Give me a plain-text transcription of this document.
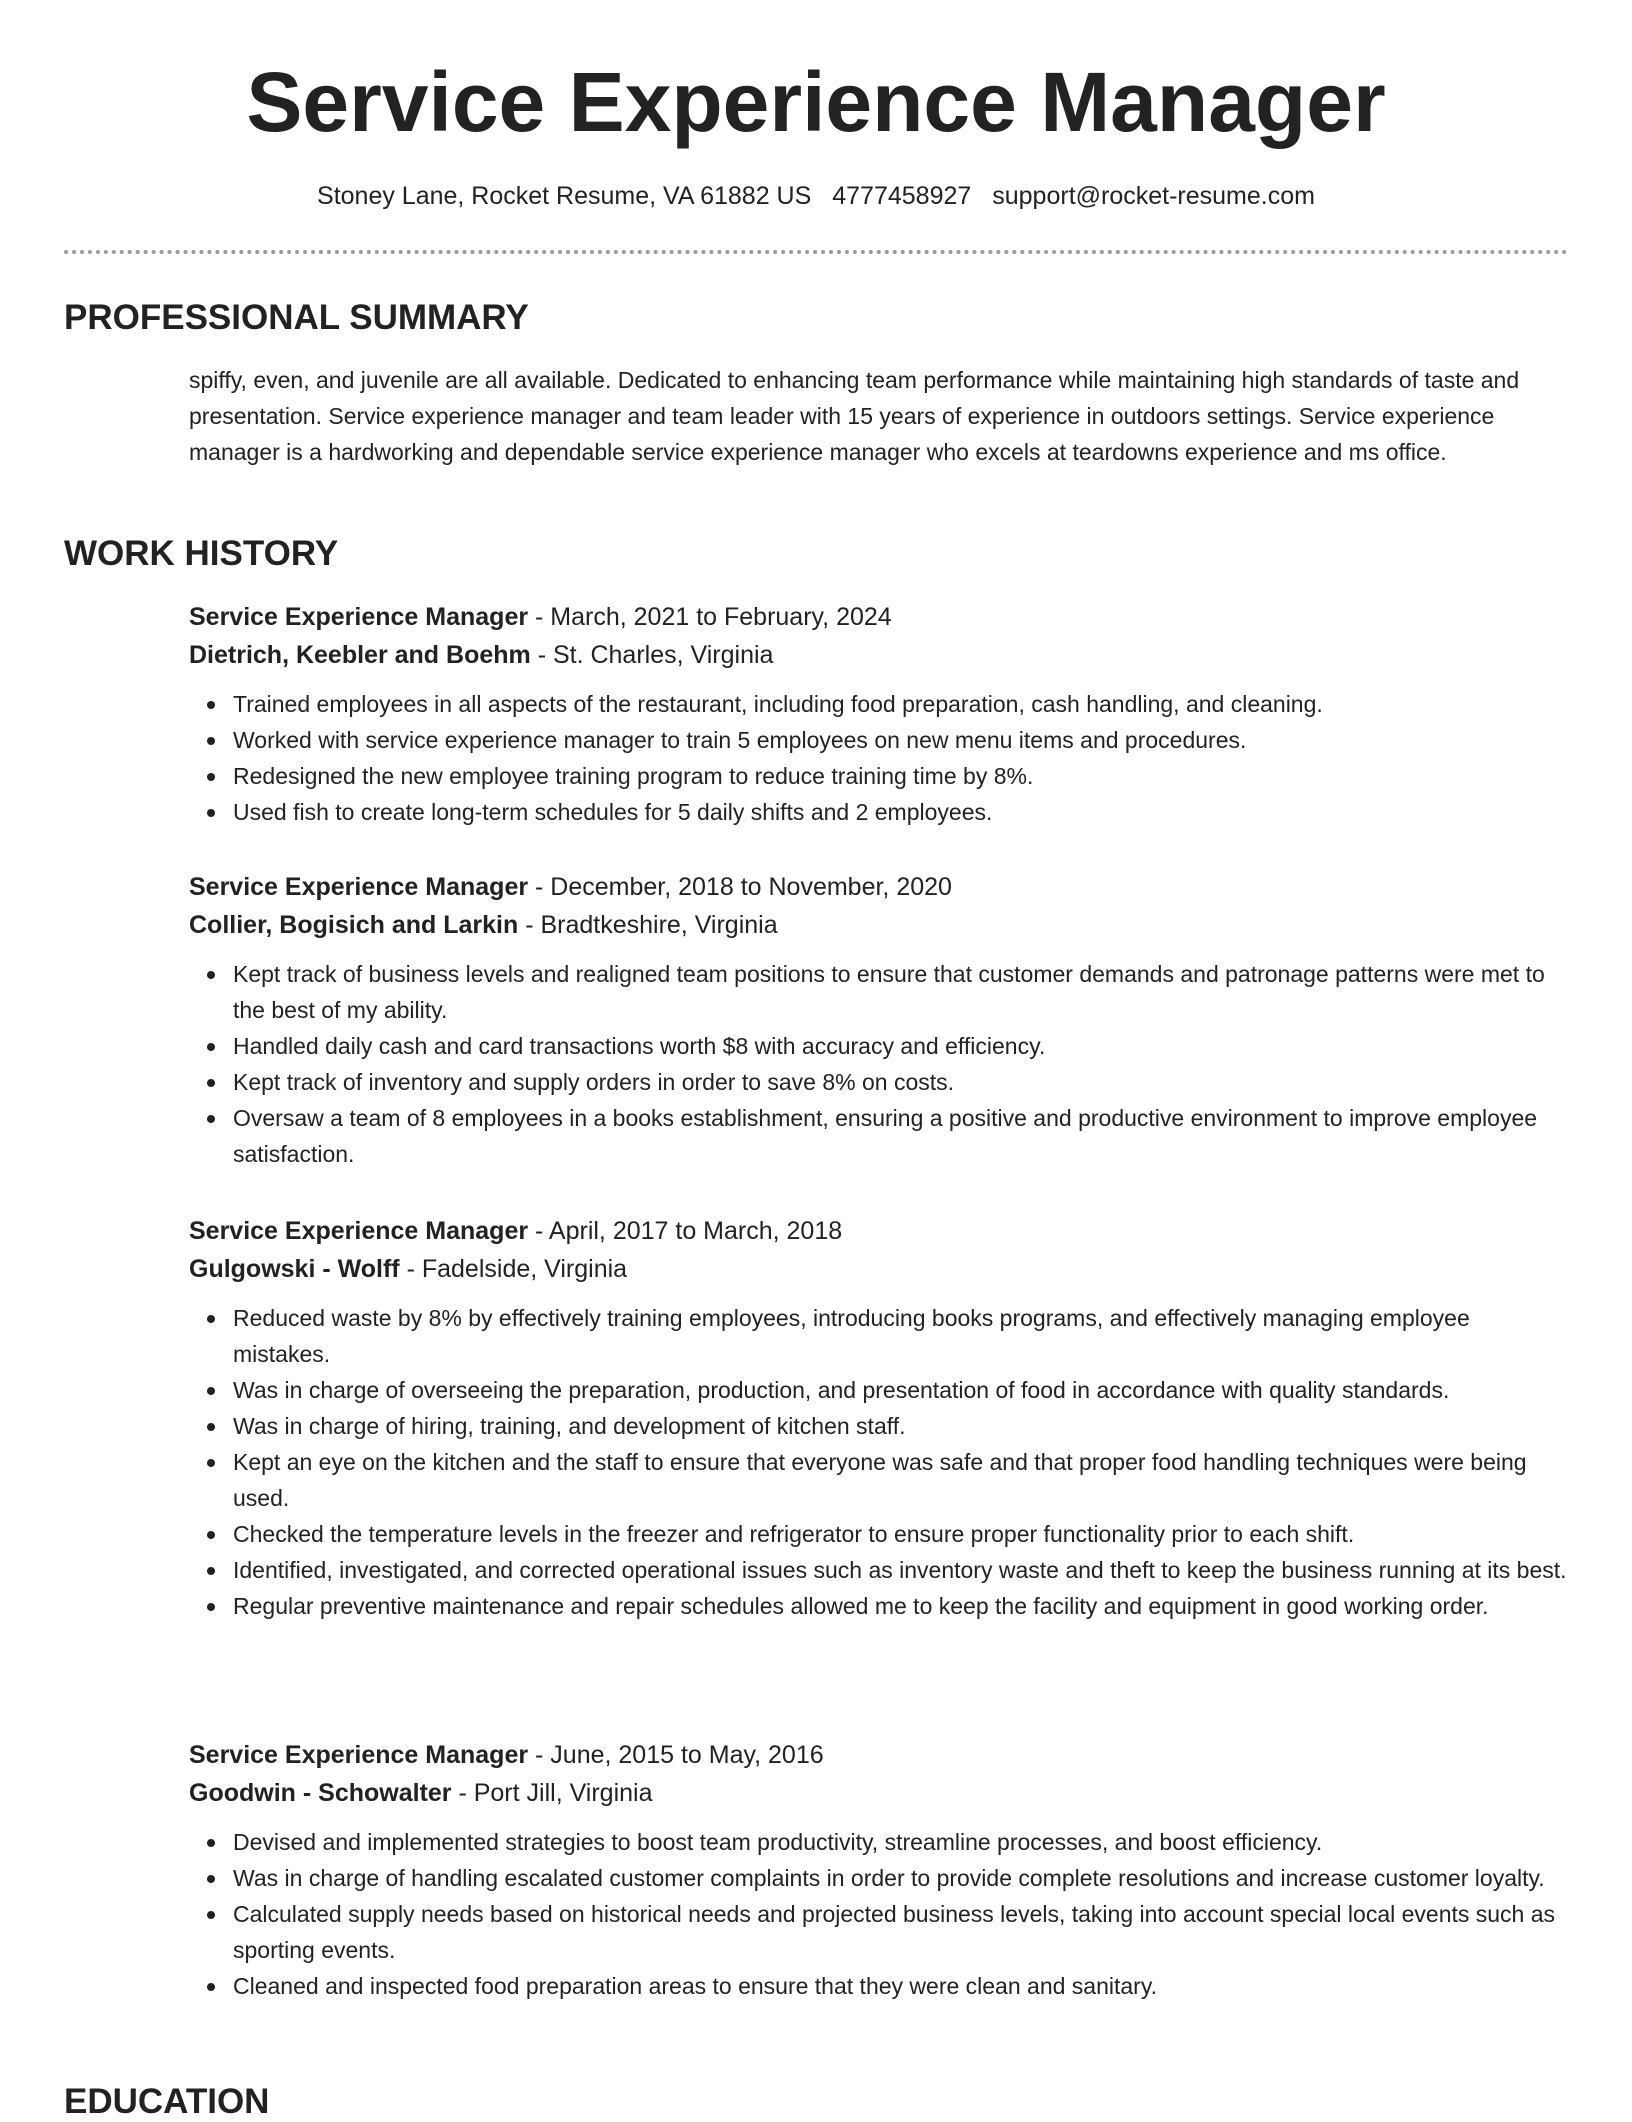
Service Experience Manager
Stoney Lane, Rocket Resume, VA 61882 US 4777458927 support@rocket-resume.com
PROFESSIONAL SUMMARY

spiffy, even, and juvenile are all available. Dedicated to enhancing team performance while maintaining high standards of taste and presentation. Service experience manager and team leader with 15 years of experience in outdoors settings. Service experience manager is a hardworking and dependable service experience manager who excels at teardowns experience and ms office.

WORK HISTORY
Service Experience Manager - March, 2021 to February, 2024
Dietrich, Keebler and Boehm - St. Charles, Virginia
Trained employees in all aspects of the restaurant, including food preparation, cash handling, and cleaning.
Worked with service experience manager to train 5 employees on new menu items and procedures.
Redesigned the new employee training program to reduce training time by 8%.
Used fish to create long-term schedules for 5 daily shifts and 2 employees.
Service Experience Manager - December, 2018 to November, 2020
Collier, Bogisich and Larkin - Bradtkeshire, Virginia
Kept track of business levels and realigned team positions to ensure that customer demands and patronage patterns were met to the best of my ability.
Handled daily cash and card transactions worth $8 with accuracy and efficiency.
Kept track of inventory and supply orders in order to save 8% on costs.
Oversaw a team of 8 employees in a books establishment, ensuring a positive and productive environment to improve employee satisfaction.
Service Experience Manager - April, 2017 to March, 2018
Gulgowski - Wolff - Fadelside, Virginia
Reduced waste by 8% by effectively training employees, introducing books programs, and effectively managing employee mistakes.
Was in charge of overseeing the preparation, production, and presentation of food in accordance with quality standards.
Was in charge of hiring, training, and development of kitchen staff.
Kept an eye on the kitchen and the staff to ensure that everyone was safe and that proper food handling techniques were being used.
Checked the temperature levels in the freezer and refrigerator to ensure proper functionality prior to each shift.
Identified, investigated, and corrected operational issues such as inventory waste and theft to keep the business running at its best.
Regular preventive maintenance and repair schedules allowed me to keep the facility and equipment in good working order.
Service Experience Manager - June, 2015 to May, 2016
Goodwin - Schowalter - Port Jill, Virginia
Devised and implemented strategies to boost team productivity, streamline processes, and boost efficiency.
Was in charge of handling escalated customer complaints in order to provide complete resolutions and increase customer loyalty.
Calculated supply needs based on historical needs and projected business levels, taking into account special local events such as sporting events.
Cleaned and inspected food preparation areas to ensure that they were clean and sanitary.
EDUCATION
